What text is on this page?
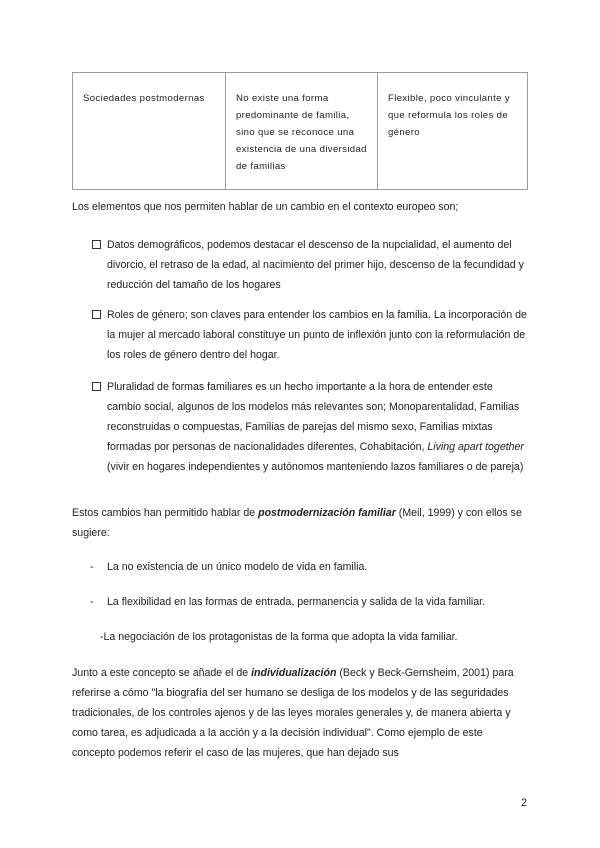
Sociedades postmodernas	No existe una forma predominante de familia, sino que se reconoce una existencia de una diversidad de familias
Flexible, poco vinculante y que reformula los roles de género

Los elementos que nos permiten hablar de un cambio en el contexto europeo son;

Datos demográficos, podemos destacar el descenso de la nupcialidad, el aumento del divorcio, el retraso de la edad, al nacimiento del primer hijo, descenso de la fecundidad y reducción del tamaño de los hogares
Roles de género; son claves para entender los cambios en la familia. La incorporación de la mujer al mercado laboral constituye un punto de inflexión junto con la reformulación de los roles de género dentro del hogar.
Pluralidad de formas familiares es un hecho importante a la hora de entender este cambio social, algunos de los modelos más relevantes son; Monoparentalidad, Familias reconstruidas o compuestas, Familias de parejas del mismo sexo, Familias mixtas formadas por personas de nacionalidades diferentes, Cohabitación, Living apart together (vivir en hogares independientes y autónomos manteniendo lazos familiares o de pareja)

Estos cambios han permitido hablar de postmodernización familiar (Meil, 1999) y con ellos se sugiere:

- La no existencia de un único modelo de vida en familia.
- La flexibilidad en las formas de entrada, permanencia y salida de la vida familiar.
-La negociación de los protagonistas de la forma que adopta la vida familiar.

Junto a este concepto se añade el de individualización (Beck y Beck-Gernsheim, 2001) para referirse a cómo "la biografía del ser humano se desliga de los modelos y de las seguridades tradicionales, de los controles ajenos y de las leyes morales generales y, de manera abierta y como tarea, es adjudicada a la acción y a la decisión individual". Como ejemplo de este concepto podemos referir el caso de las mujeres, que han dejado sus

2
